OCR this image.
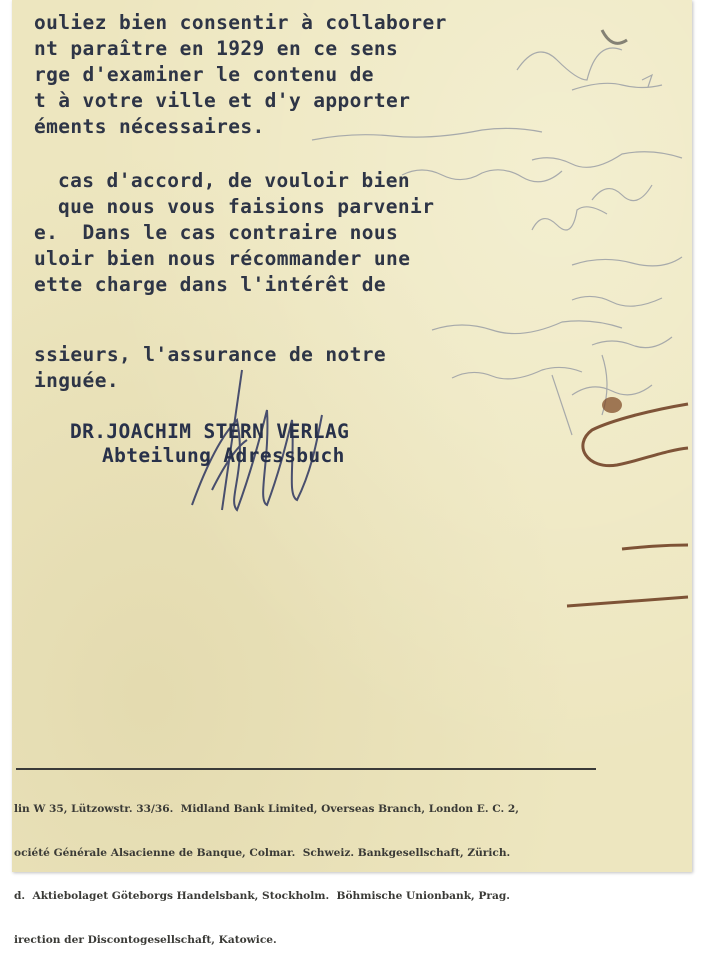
ouliez bien consentir à collaborer
nt paraître en 1929 en ce sens
rge d'examiner le contenu de
t à votre ville et d'y apporter
éments nécessaires.
cas d'accord, de vouloir bien
que nous vous faisions parvenir
e.  Dans le cas contraire nous
uloir bien nous récommander une
ette charge dans l'intérêt de
ssieurs, l'assurance de notre
inguée.
DR.JOACHIM STERN VERLAG
Abteilung Adressbuch

lin W 35, Lützowstr. 33/36.  Midland Bank Limited, Overseas Branch, London E. C. 2,

ociété Générale Alsacienne de Banque, Colmar.  Schweiz. Bankgesellschaft, Zürich.

d.  Aktiebolaget Göteborgs Handelsbank, Stockholm.  Böhmische Unionbank, Prag.

irection der Discontogesellschaft, Katowice.
